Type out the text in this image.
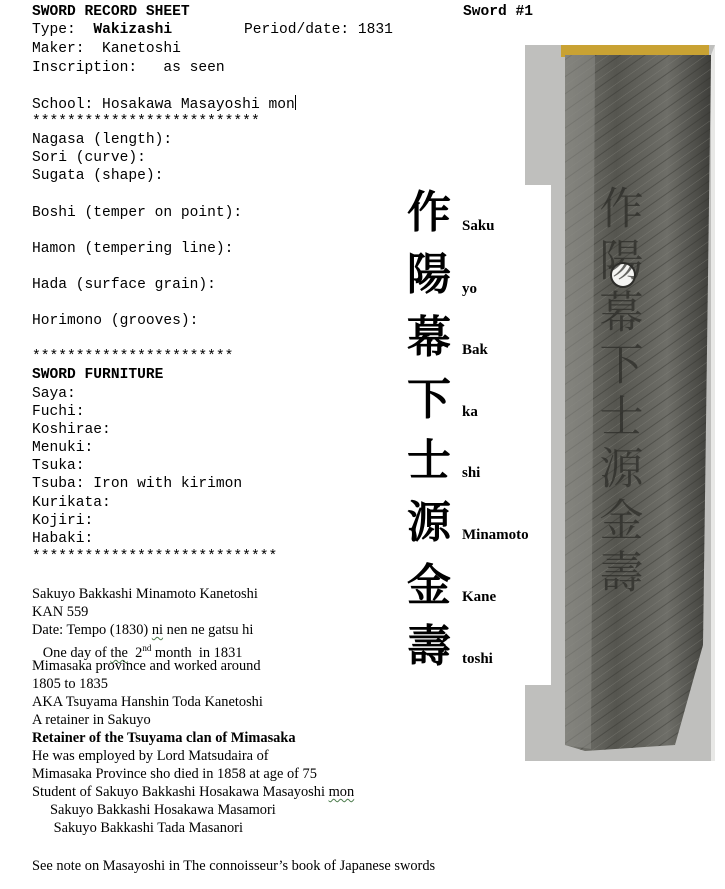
作陽幕下士源金壽
SWORD RECORD SHEET	Sword #1
Type: Wakizashi	Period/date: 1831
Maker:  Kanetoshi
Inscription:   as seen
School: Hosakawa Masayoshi mon
**************************
Nagasa (length):
Sori (curve):
Sugata (shape):
Boshi (temper on point):
Hamon (tempering line):
Hada (surface grain):
Horimono (grooves):
***********************
SWORD FURNITURE
Saya:
Fuchi:
Koshirae:
Menuki:
Tsuka:
Tsuba: Iron with kirimon
Kurikata:
Kojiri:
Habaki:
****************************
作 Saku
陽 yo
幕 Bak
下 ka
士 shi
源 Minamoto
金 Kane
壽 toshi
Sakuyo Bakkashi Minamoto Kanetoshi
KAN 559
Date: Tempo (1830) ni nen ne gatsu hi
One day of the  2nd month  in 1831
Mimasaka province and worked around
1805 to 1835
AKA Tsuyama Hanshin Toda Kanetoshi
A retainer in Sakuyo
Retainer of the Tsuyama clan of Mimasaka
He was employed by Lord Matsudaira of
Mimasaka Province sho died in 1858 at age of 75
Student of Sakuyo Bakkashi Hosakawa Masayoshi mon
Sakuyo Bakkashi Hosakawa Masamori
Sakuyo Bakkashi Tada Masanori
See note on Masayoshi in The connoisseur’s book of Japanese swords
